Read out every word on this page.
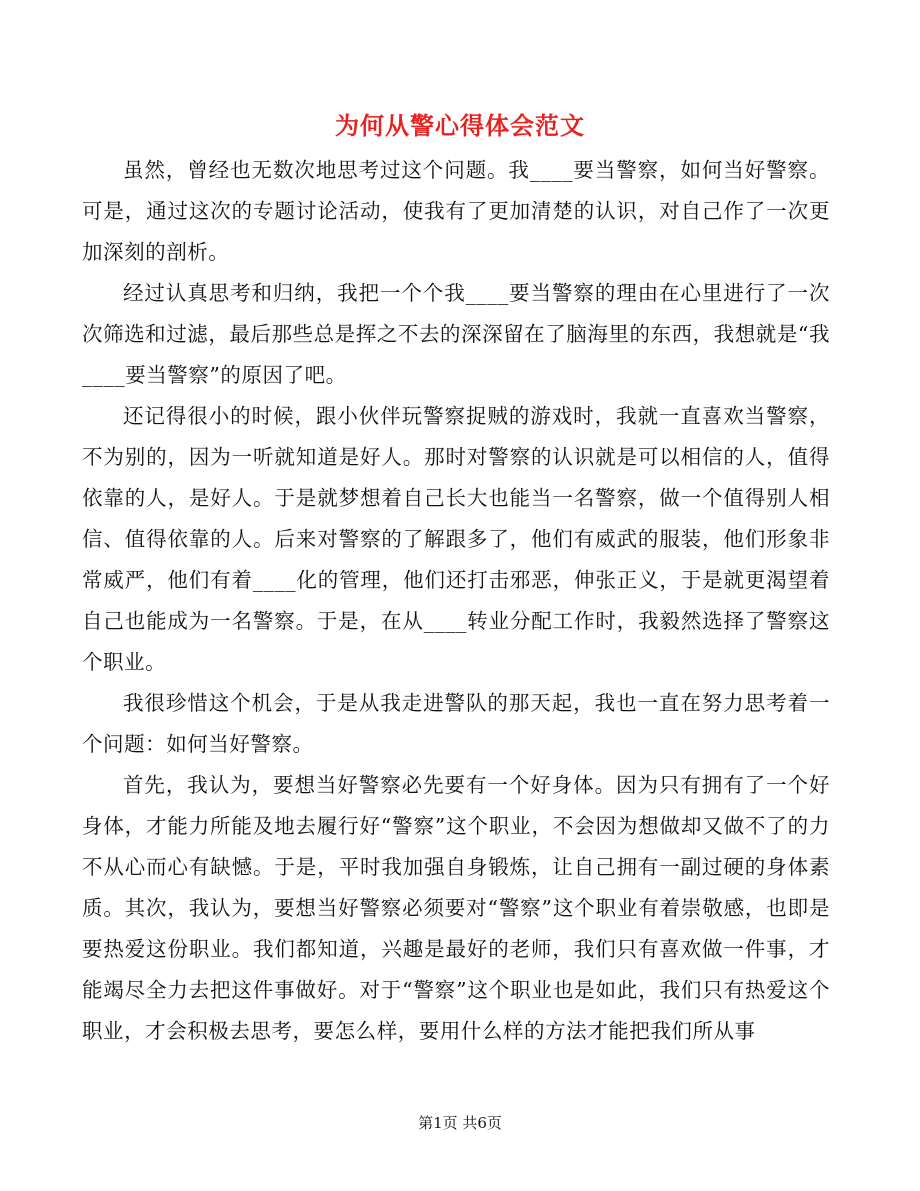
为何从警心得体会范文

虽然，曾经也无数次地思考过这个问题。我____要当警察，如何当好警察。可是，通过这次的专题讨论活动，使我有了更加清楚的认识，对自己作了一次更加深刻的剖析。

经过认真思考和归纳，我把一个个我____要当警察的理由在心里进行了一次次筛选和过滤，最后那些总是挥之不去的深深留在了脑海里的东西，我想就是“我____要当警察”的原因了吧。

还记得很小的时候，跟小伙伴玩警察捉贼的游戏时，我就一直喜欢当警察，不为别的，因为一听就知道是好人。那时对警察的认识就是可以相信的人，值得依靠的人，是好人。于是就梦想着自己长大也能当一名警察，做一个值得别人相信、值得依靠的人。后来对警察的了解跟多了，他们有威武的服装，他们形象非常威严，他们有着____化的管理，他们还打击邪恶，伸张正义，于是就更渴望着自己也能成为一名警察。于是，在从____转业分配工作时，我毅然选择了警察这个职业。

我很珍惜这个机会，于是从我走进警队的那天起，我也一直在努力思考着一个问题：如何当好警察。

首先，我认为，要想当好警察必先要有一个好身体。因为只有拥有了一个好身体，才能力所能及地去履行好“警察”这个职业，不会因为想做却又做不了的力不从心而心有缺憾。于是，平时我加强自身锻炼，让自己拥有一副过硬的身体素质。其次，我认为，要想当好警察必须要对“警察”这个职业有着崇敬感，也即是要热爱这份职业。我们都知道，兴趣是最好的老师，我们只有喜欢做一件事，才能竭尽全力去把这件事做好。对于“警察”这个职业也是如此，我们只有热爱这个职业，才会积极去思考，要怎么样，要用什么样的方法才能把我们所从事

第1页 共6页
